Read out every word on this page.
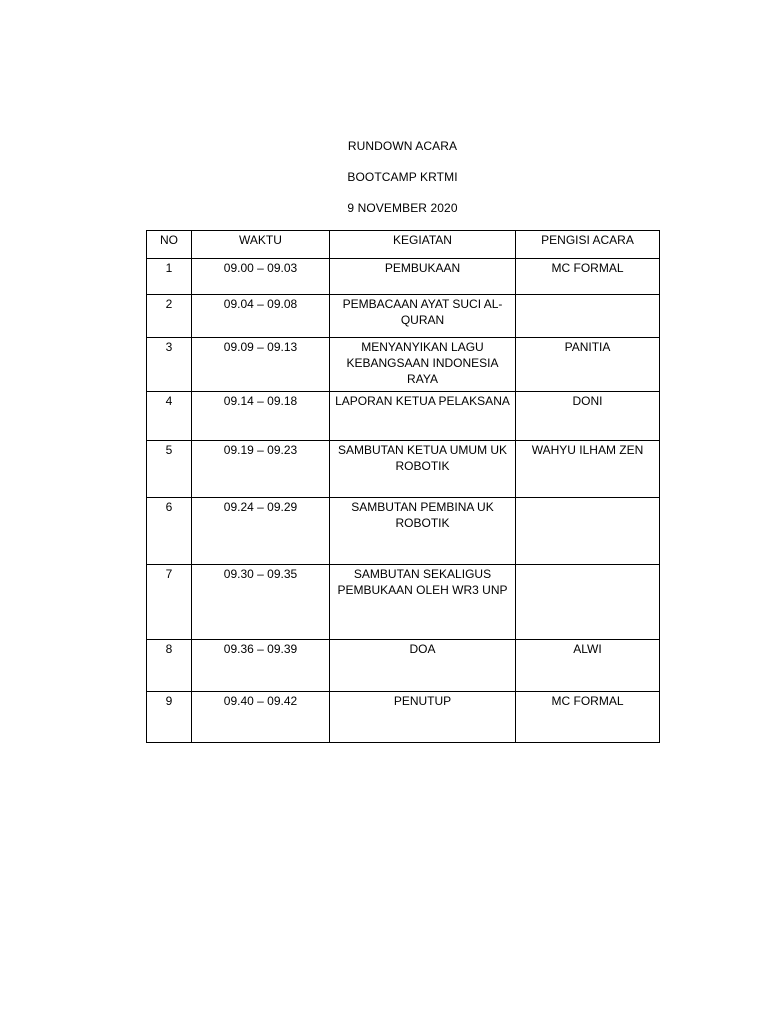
RUNDOWN ACARA
BOOTCAMP KRTMI
9 NOVEMBER 2020
NO	WAKTU	KEGIATAN	PENGISI ACARA
1	09.00 – 09.03	PEMBUKAAN	MC FORMAL
2	09.04 – 09.08	PEMBACAAN AYAT SUCI AL-QURAN	
3	09.09 – 09.13	MENYANYIKAN LAGU KEBANGSAAN INDONESIA RAYA	PANITIA
4	09.14 – 09.18	LAPORAN KETUA PELAKSANA	DONI
5	09.19 – 09.23	SAMBUTAN KETUA UMUM UK ROBOTIK	WAHYU ILHAM ZEN
6	09.24 – 09.29	SAMBUTAN PEMBINA UK ROBOTIK	
7	09.30 – 09.35	SAMBUTAN SEKALIGUS PEMBUKAAN OLEH WR3 UNP	
8	09.36 – 09.39	DOA	ALWI
9	09.40 – 09.42	PENUTUP	MC FORMAL
